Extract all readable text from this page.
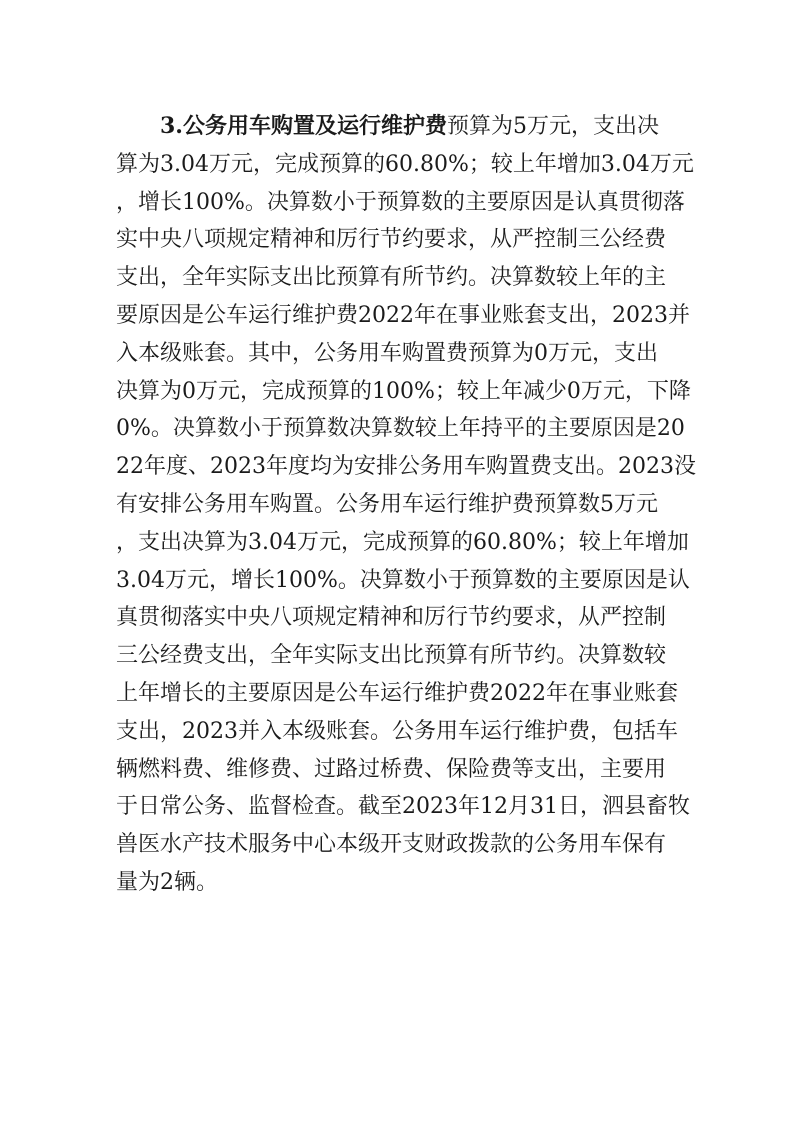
3.公务用车购置及运行维护费预算为5万元，支出决
算为3.04万元，完成预算的60.80%；较上年增加3.04万元
，增长100%。决算数小于预算数的主要原因是认真贯彻落
实中央八项规定精神和厉行节约要求，从严控制三公经费
支出，全年实际支出比预算有所节约。决算数较上年的主
要原因是公车运行维护费2022年在事业账套支出，2023并
入本级账套。其中，公务用车购置费预算为0万元，支出
决算为0万元，完成预算的100%；较上年减少0万元，下降
0%。决算数小于预算数决算数较上年持平的主要原因是20
22年度、2023年度均为安排公务用车购置费支出。2023没
有安排公务用车购置。公务用车运行维护费预算数5万元
，支出决算为3.04万元，完成预算的60.80%；较上年增加
3.04万元，增长100%。决算数小于预算数的主要原因是认
真贯彻落实中央八项规定精神和厉行节约要求，从严控制
三公经费支出，全年实际支出比预算有所节约。决算数较
上年增长的主要原因是公车运行维护费2022年在事业账套
支出，2023并入本级账套。公务用车运行维护费，包括车
辆燃料费、维修费、过路过桥费、保险费等支出，主要用
于日常公务、监督检查。截至2023年12月31日，泗县畜牧
兽医水产技术服务中心本级开支财政拨款的公务用车保有
量为2辆。
